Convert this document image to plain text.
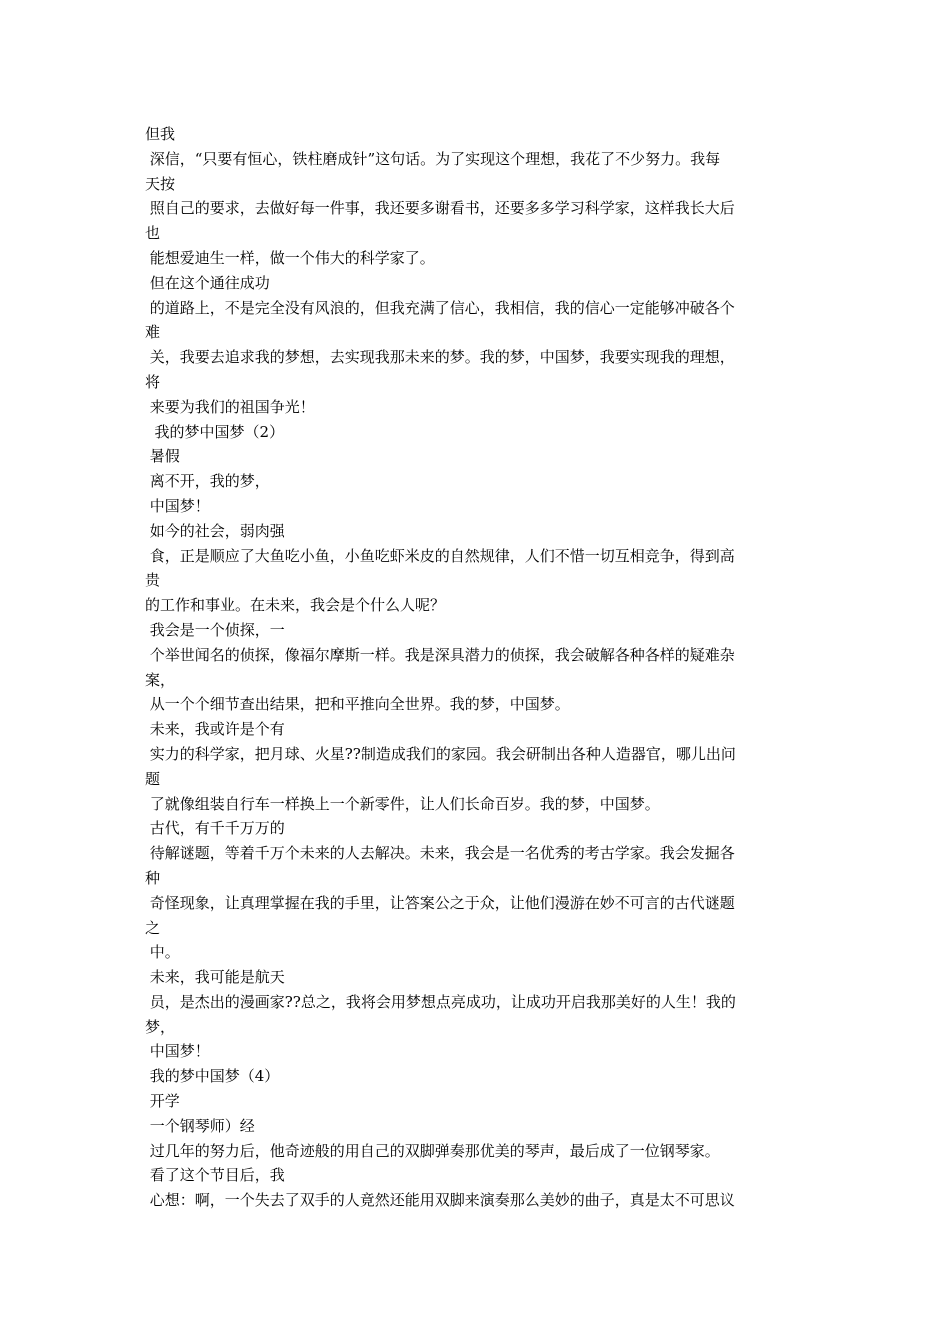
但我
深信，“只要有恒心，铁柱磨成针”这句话。为了实现这个理想，我花了不少努力。我每
天按
照自己的要求，去做好每一件事，我还要多谢看书，还要多多学习科学家，这样我长大后
也
能想爱迪生一样，做一个伟大的科学家了。
但在这个通往成功
的道路上，不是完全没有风浪的，但我充满了信心，我相信，我的信心一定能够冲破各个
难
关，我要去追求我的梦想，去实现我那未来的梦。我的梦，中国梦，我要实现我的理想，
将
来要为我们的祖国争光！
我的梦中国梦（2）
暑假
离不开，我的梦，
中国梦！
如今的社会，弱肉强
食，正是顺应了大鱼吃小鱼，小鱼吃虾米皮的自然规律，人们不惜一切互相竞争，得到高
贵
的工作和事业。在未来，我会是个什么人呢？
我会是一个侦探，一
个举世闻名的侦探，像福尔摩斯一样。我是深具潜力的侦探，我会破解各种各样的疑难杂
案，
从一个个细节查出结果，把和平推向全世界。我的梦，中国梦。
未来，我或许是个有
实力的科学家，把月球、火星??制造成我们的家园。我会研制出各种人造器官，哪儿出问
题
了就像组装自行车一样换上一个新零件，让人们长命百岁。我的梦，中国梦。
古代，有千千万万的
待解谜题，等着千万个未来的人去解决。未来，我会是一名优秀的考古学家。我会发掘各
种
奇怪现象，让真理掌握在我的手里，让答案公之于众，让他们漫游在妙不可言的古代谜题
之
中。
未来，我可能是航天
员，是杰出的漫画家??总之，我将会用梦想点亮成功，让成功开启我那美好的人生！我的
梦，
中国梦！
我的梦中国梦（4）
开学
一个钢琴师）经
过几年的努力后，他奇迹般的用自己的双脚弹奏那优美的琴声，最后成了一位钢琴家。
看了这个节目后，我
心想：啊，一个失去了双手的人竟然还能用双脚来演奏那么美妙的曲子，真是太不可思议
